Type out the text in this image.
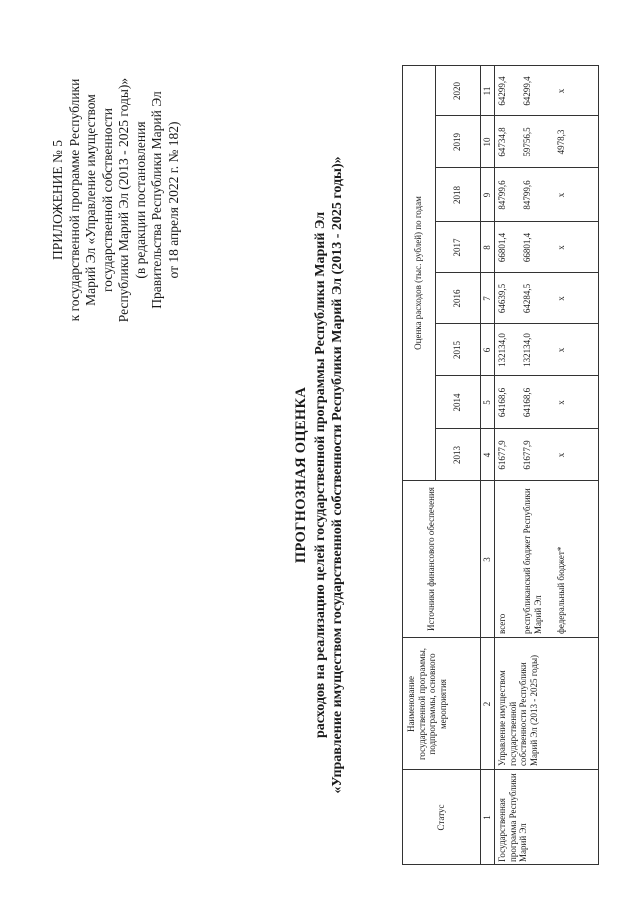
ПРИЛОЖЕНИЕ № 5 к государственной программе Республики Марий Эл «Управление имуществом государственной собственности Республики Марий Эл (2013 - 2025 годы)» (в редакции постановления Правительства Республики Марий Эл от 18 апреля 2022 г. № 182)
ПРОГНОЗНАЯ ОЦЕНКА расходов на реализацию целей государственной программы Республики Марий Эл «Управление имуществом государственной собственности Республики Марий Эл (2013 - 2025 годы)»
Статус
Наименование государственной программы, подпрограммы, основного мероприятия
Источники финансового обеспечения
Оценка расходов (тыс. рублей) по годам
2013
2014
2015
2016
2017
2018
2019
2020
1
2
3
4
5
6
7
8
9
10
11
Государственная программа Республики Марий Эл
Управление имуществом государственной собственности Республики Марий Эл (2013 - 2025 годы)
всего
61677,9
64168,6
132134,0
64639,5
66801,4
84799,6
64734,8
64299,4
республиканский бюджет Республики Марий Эл
61677,9
64168,6
132134,0
64284,5
66801,4
84799,6
59756,5
64299,4
федеральный бюджет*
x
x
x
x
x
x
4978,3
x
